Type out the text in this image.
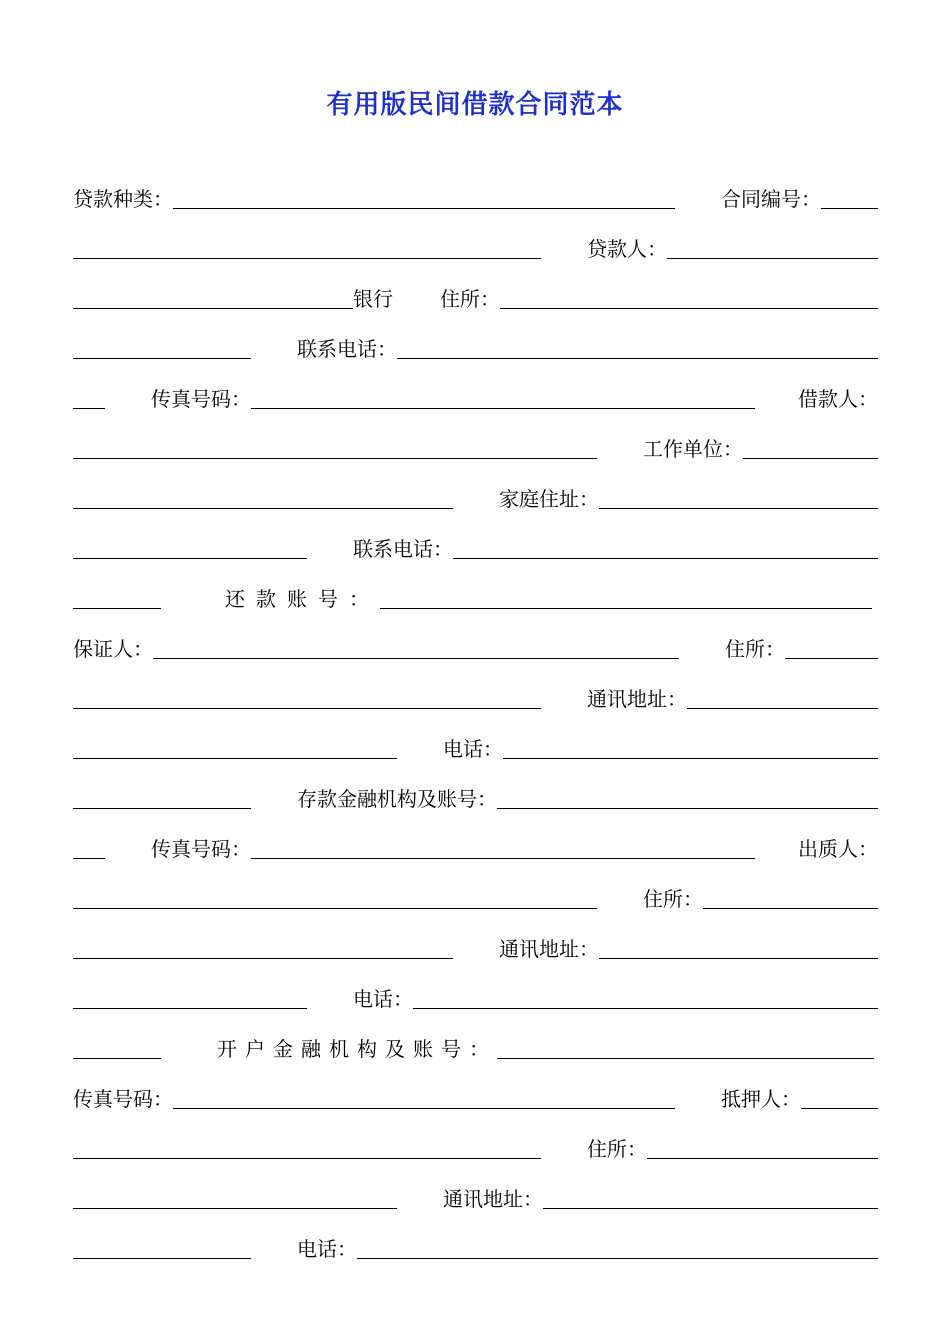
有用版民间借款合同范本
贷款种类：	合同编号：
贷款人：
银行 住所：
联系电话：
传真号码：	借款人：
工作单位：
家庭住址：
联系电话：
还款账号：
保证人：	住所：
通讯地址：
电话：
存款金融机构及账号：
传真号码：	出质人：
住所：
通讯地址：
电话：
开户金融机构及账号：
传真号码：	抵押人：
住所：
通讯地址：
电话：
